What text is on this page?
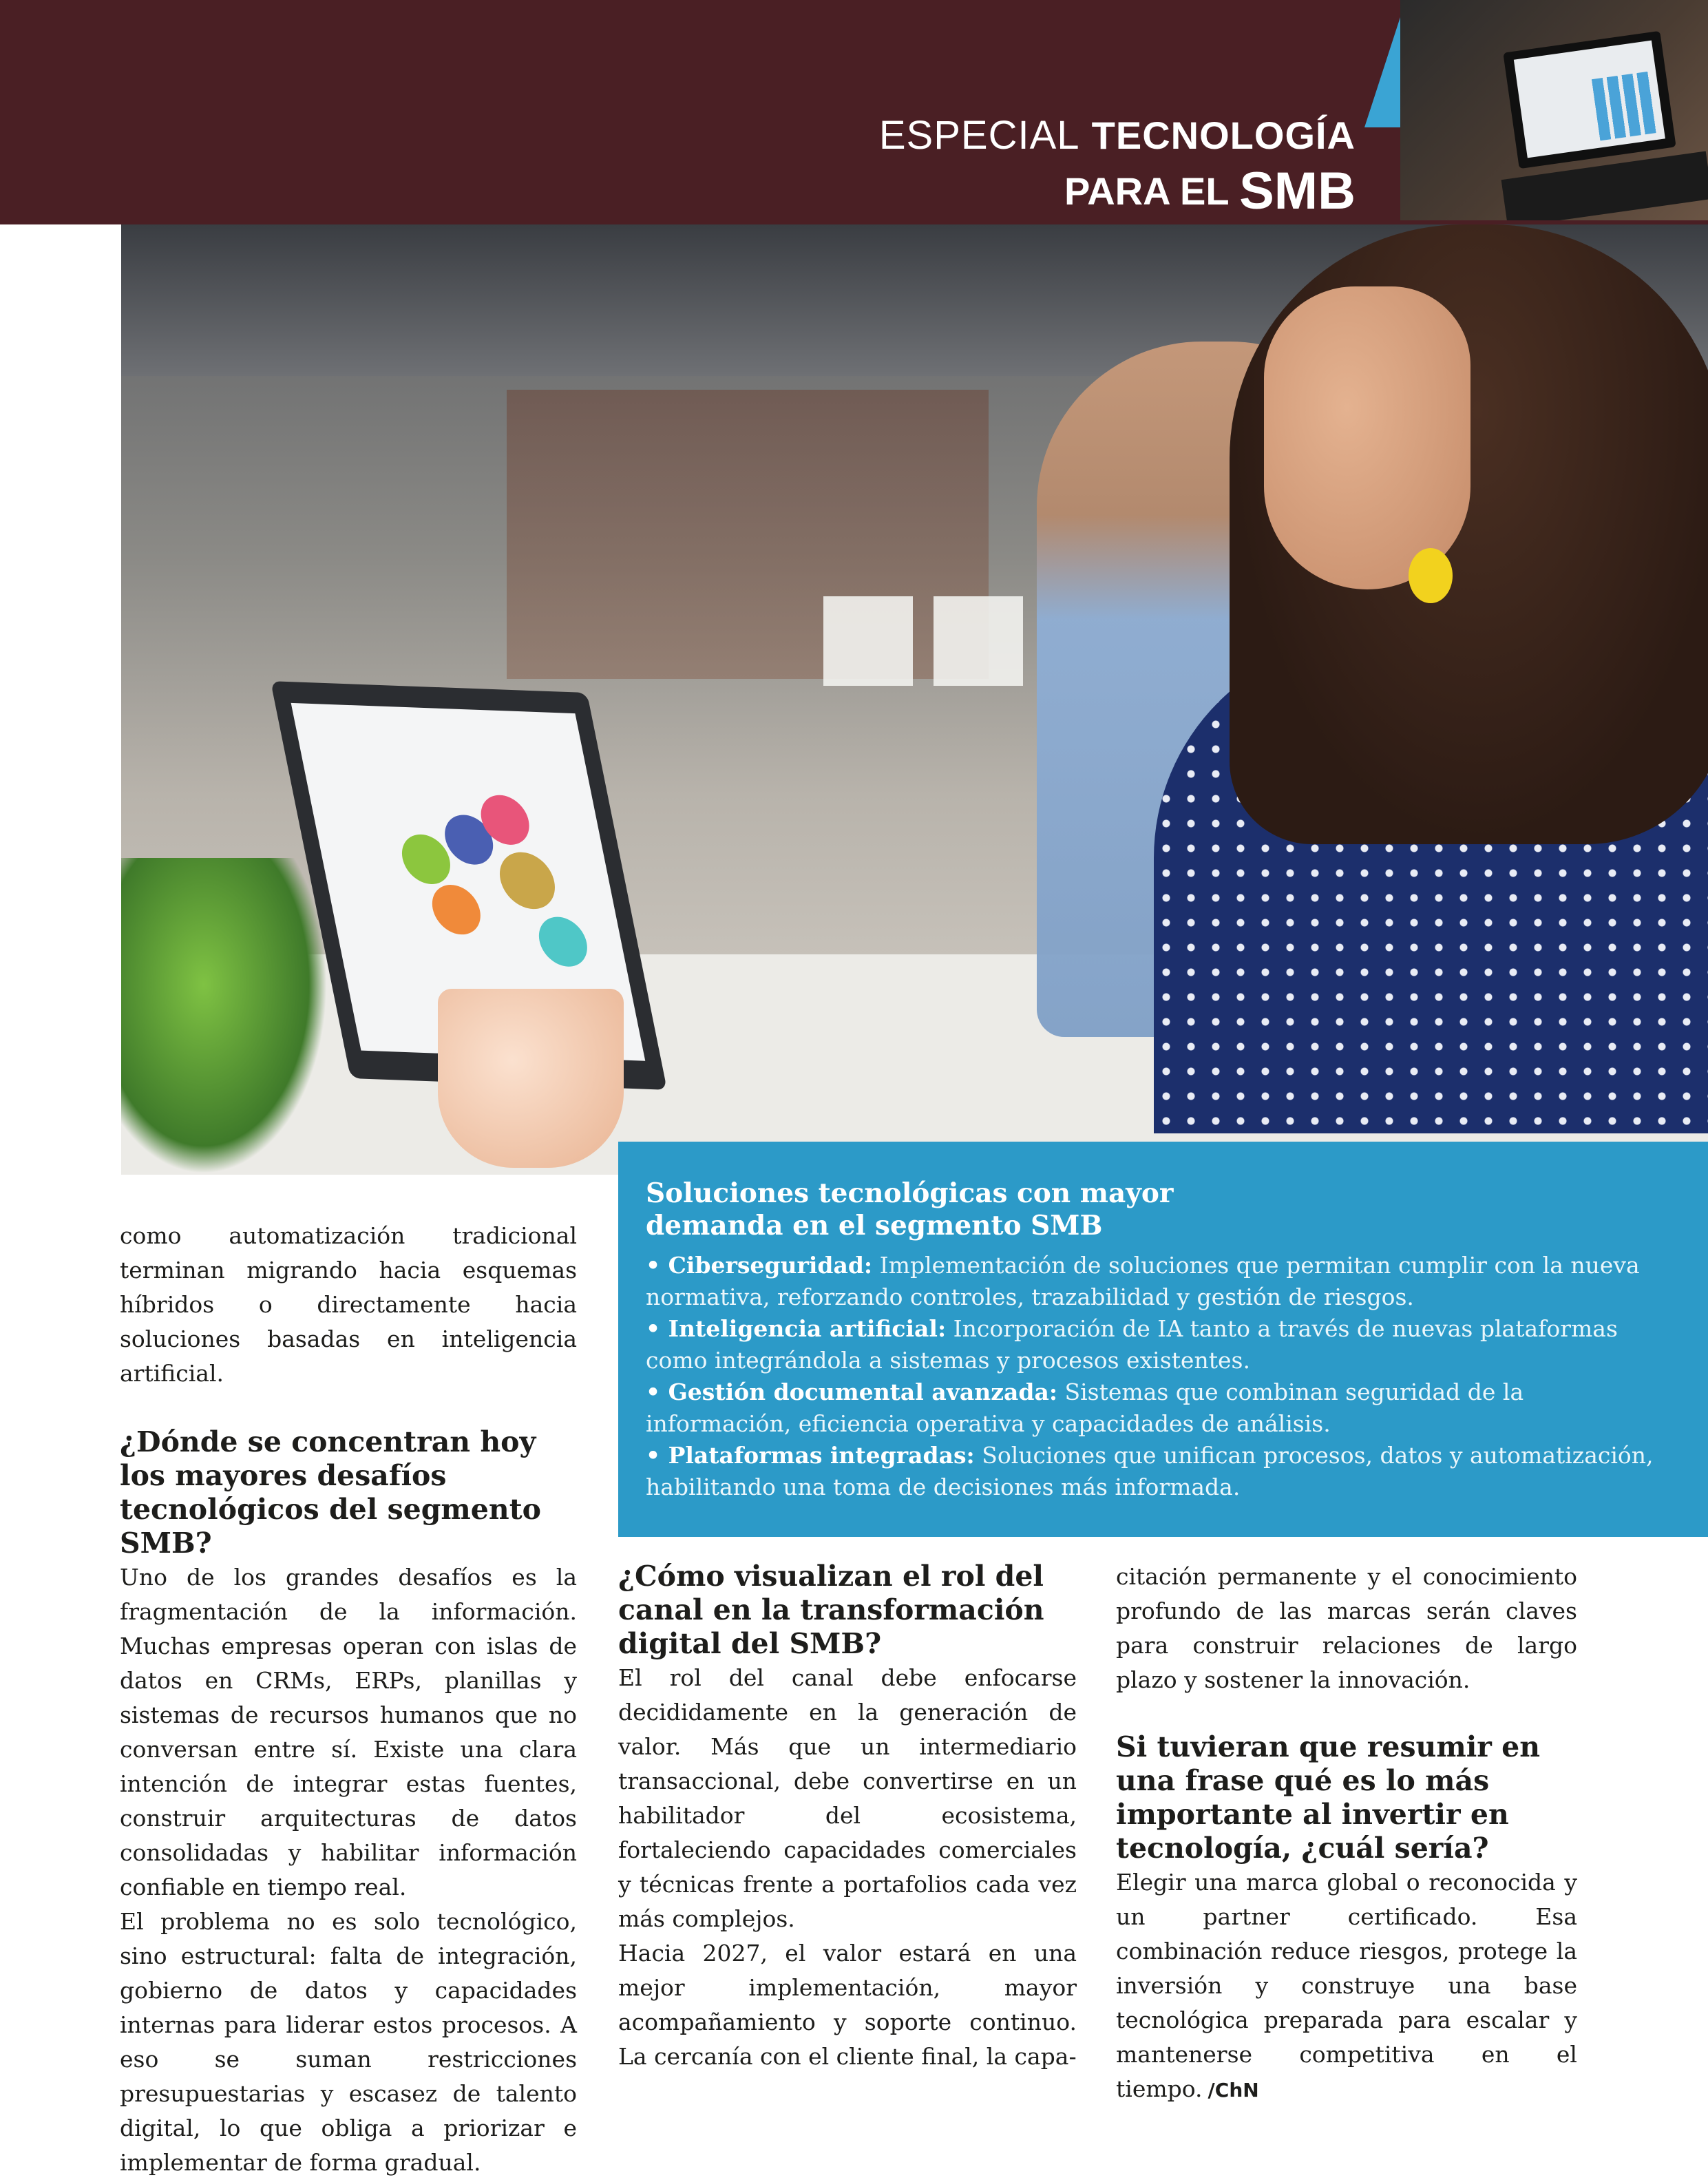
ESPECIAL TECNOLOGÍA
PARA EL SMB
Soluciones tecnológicas con mayor demanda en el segmento SMB
• Ciberseguridad: Implementación de soluciones que permitan cumplir con la nueva normativa, reforzando controles, trazabilidad y gestión de riesgos.
• Inteligencia artificial: Incorporación de IA tanto a través de nuevas plataformas como integrándola a sistemas y procesos existentes.
• Gestión documental avanzada: Sistemas que combinan seguridad de la información, eficiencia operativa y capacidades de análisis.
• Plataformas integradas: Soluciones que unifican procesos, datos y automatización, habilitando una toma de decisiones más informada.

como automatización tradicional terminan migrando hacia esquemas híbridos o directamente hacia soluciones basadas en inteligencia artificial.

¿Dónde se concentran hoy los mayores desafíos tecnológicos del segmento SMB?

Uno de los grandes desafíos es la fragmentación de la información. Muchas empresas operan con islas de datos en CRMs, ERPs, planillas y sistemas de recursos humanos que no conversan entre sí. Existe una clara intención de integrar estas fuentes, construir arquitecturas de datos consolidadas y habilitar información confiable en tiempo real.

El problema no es solo tecnológico, sino estructural: falta de integración, gobierno de datos y capacidades internas para liderar estos procesos. A eso se suman restricciones presupuestarias y escasez de talento digital, lo que obliga a priorizar e implementar de forma gradual.

¿Cómo visualizan el rol del canal en la transformación digital del SMB?

El rol del canal debe enfocarse decididamente en la generación de valor. Más que un intermediario transaccional, debe convertirse en un habilitador del ecosistema, fortaleciendo capacidades comerciales y técnicas frente a portafolios cada vez más complejos.

Hacia 2027, el valor estará en una mejor implementación, mayor acompañamiento y soporte continuo. La cercanía con el cliente final, la capa-

citación permanente y el conocimiento profundo de las marcas serán claves para construir relaciones de largo plazo y sostener la innovación.

Si tuvieran que resumir en una frase qué es lo más importante al invertir en tecnología, ¿cuál sería?

Elegir una marca global o reconocida y un partner certificado. Esa combinación reduce riesgos, protege la inversión y construye una base tecnológica preparada para escalar y mantenerse competitiva en el tiempo. /ChN
